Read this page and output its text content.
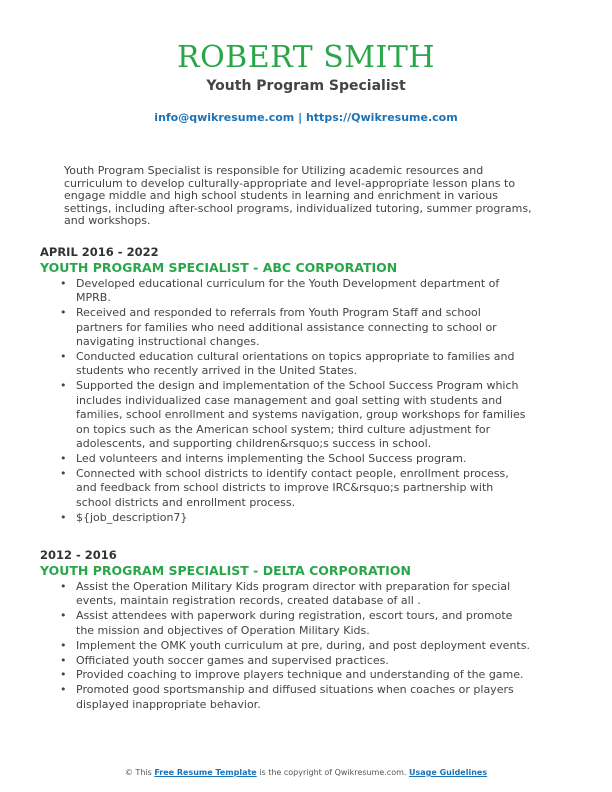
ROBERT SMITH
Youth Program Specialist
info@qwikresume.com | https://Qwikresume.com
Youth Program Specialist is responsible for Utilizing academic resources and curriculum to develop culturally-appropriate and level-appropriate lesson plans to engage middle and high school students in learning and enrichment in various settings, including after-school programs, individualized tutoring, summer programs, and workshops.
APRIL 2016 - 2022
YOUTH PROGRAM SPECIALIST - ABC CORPORATION
• Developed educational curriculum for the Youth Development department of MPRB.
• Received and responded to referrals from Youth Program Staff and school partners for families who need additional assistance connecting to school or navigating instructional changes.
• Conducted education cultural orientations on topics appropriate to families and students who recently arrived in the United States.
• Supported the design and implementation of the School Success Program which includes individualized case management and goal setting with students and families, school enrollment and systems navigation, group workshops for families on topics such as the American school system; third culture adjustment for adolescents, and supporting children&rsquo;s success in school.
• Led volunteers and interns implementing the School Success program.
• Connected with school districts to identify contact people, enrollment process, and feedback from school districts to improve IRC&rsquo;s partnership with school districts and enrollment process.
• ${job_description7}
2012 - 2016
YOUTH PROGRAM SPECIALIST - DELTA CORPORATION
• Assist the Operation Military Kids program director with preparation for special events, maintain registration records, created database of all .
• Assist attendees with paperwork during registration, escort tours, and promote the mission and objectives of Operation Military Kids.
• Implement the OMK youth curriculum at pre, during, and post deployment events.
• Officiated youth soccer games and supervised practices.
• Provided coaching to improve players technique and understanding of the game.
• Promoted good sportsmanship and diffused situations when coaches or players displayed inappropriate behavior.
© This Free Resume Template is the copyright of Qwikresume.com. Usage Guidelines
